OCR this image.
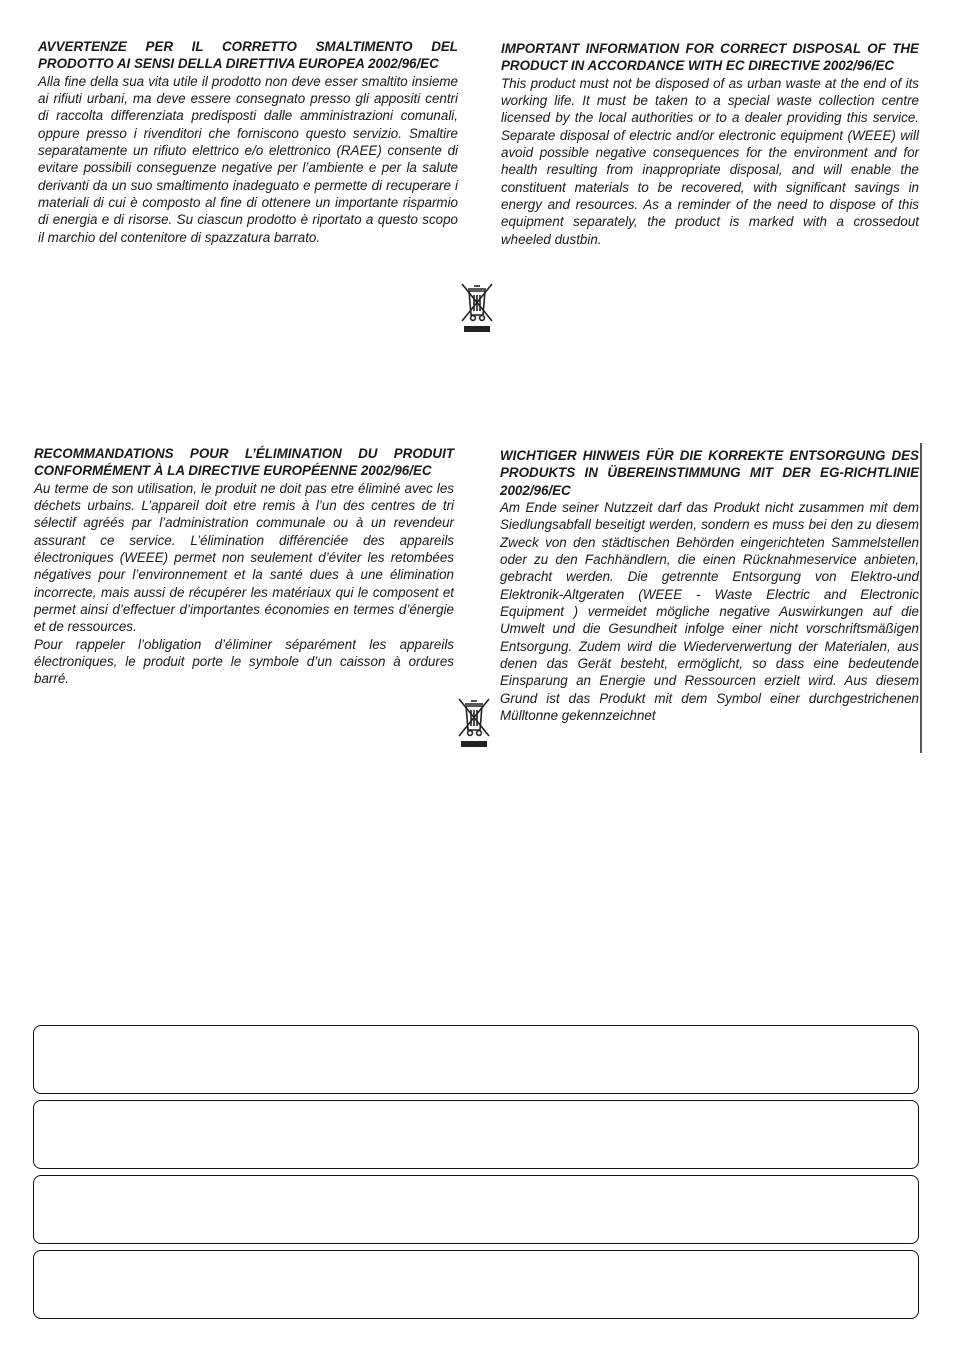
AVVERTENZE PER IL CORRETTO SMALTIMENTO DEL PRODOTTO AI SENSI DELLA DIRETTIVA EUROPEA 2002/96/EC

Alla fine della sua vita utile il prodotto non deve esser smaltito insieme ai rifiuti urbani, ma deve essere consegnato presso gli appositi centri di raccolta differenziata predisposti dalle amministrazioni comunali, oppure presso i rivenditori che forniscono questo servizio. Smaltire separatamente un rifiuto elettrico e/o elettronico (RAEE) consente di evitare possibili conseguenze negative per l’ambiente e per la salute derivanti da un suo smaltimento inadeguato e permette di recuperare i materiali di cui è composto al fine di ottenere un importante risparmio di energia e di risorse. Su ciascun prodotto è riportato a questo scopo il marchio del contenitore di spazzatura barrato.

IMPORTANT INFORMATION FOR CORRECT DISPOSAL OF THE PRODUCT IN ACCORDANCE WITH EC DIRECTIVE 2002/96/EC

This product must not be disposed of as urban waste at the end of its working life. It must be taken to a special waste collection centre licensed by the local authorities or to a dealer providing this service. Separate disposal of electric and/or electronic equipment (WEEE) will avoid possible negative consequences for the environment and for health resulting from inappropriate disposal, and will enable the constituent materials to be recovered, with significant savings in energy and resources. As a reminder of the need to dispose of this equipment separately, the product is marked with a crossedout wheeled dustbin.

RECOMMANDATIONS POUR L’ÉLIMINATION DU PRODUIT CONFORMÉMENT À LA DIRECTIVE EUROPÉENNE 2002/96/EC

Au terme de son utilisation, le produit ne doit pas etre éliminé avec les déchets urbains. L’appareil doit etre remis à l’un des centres de tri sélectif agréés par l’administration communale ou à un revendeur assurant ce service. L’élimination différenciée des appareils électroniques (WEEE) permet non seulement d’éviter les retombées négatives pour l’environnement et la santé dues à une élimination incorrecte, mais aussi de récupérer les matériaux qui le composent et permet ainsi d’effectuer d’importantes économies en termes d’énergie et de ressources.

Pour rappeler l’obligation d’éliminer séparément les appareils électroniques, le produit porte le symbole d’un caisson à ordures barré.

WICHTIGER HINWEIS FÜR DIE KORREKTE ENTSORGUNG DES PRODUKTS IN ÜBEREINSTIMMUNG MIT DER EG-RICHTLINIE 2002/96/EC

Am Ende seiner Nutzzeit darf das Produkt nicht zusammen mit dem Siedlungsabfall beseitigt werden, sondern es muss bei den zu diesem Zweck von den städtischen Behörden eingerichteten Sammelstellen oder zu den Fachhändlern, die einen Rücknahmeservice anbieten, gebracht werden. Die getrennte Entsorgung von Elektro-und Elektronik-Altgeraten (WEEE - Waste Electric and Electronic Equipment ) vermeidet mögliche negative Auswirkungen auf die Umwelt und die Gesundheit infolge einer nicht vorschriftsmäßigen Entsorgung. Zudem wird die Wiederverwertung der Materialen, aus denen das Gerät besteht, ermöglicht, so dass eine bedeutende Einsparung an Energie und Ressourcen erzielt wird. Aus diesem Grund ist das Produkt mit dem Symbol einer durchgestrichenen Mülltonne gekennzeichnet
